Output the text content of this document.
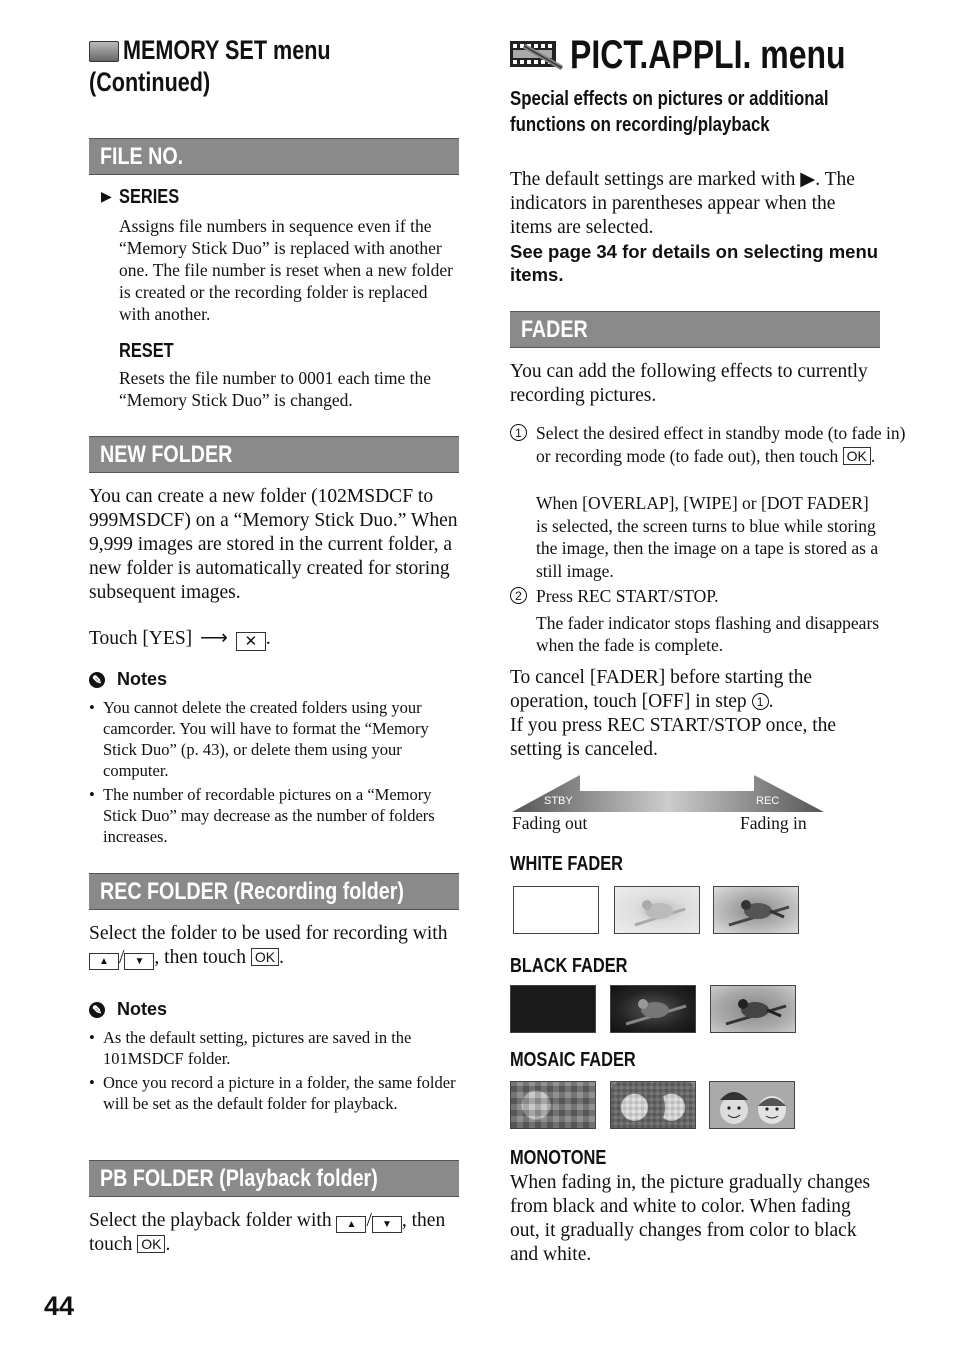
MEMORY SET menu
(Continued)
FILE NO.
▶ SERIES
Assigns file numbers in sequence even if the “Memory Stick Duo” is replaced with another one. The file number is reset when a new folder is created or the recording folder is replaced with another.
RESET
Resets the file number to 0001 each time the “Memory Stick Duo” is changed.
NEW FOLDER
You can create a new folder (102MSDCF to 999MSDCF) on a “Memory Stick Duo.” When 9,999 images are stored in the current folder, a new folder is automatically created for storing subsequent images.
Touch [YES] ⟶ ✕ .
✎ Notes
• You cannot delete the created folders using your camcorder. You will have to format the “Memory Stick Duo” (p. 43), or delete them using your computer.
• The number of recordable pictures on a “Memory Stick Duo” may decrease as the number of folders increases.
REC FOLDER (Recording folder)
Select the folder to be used for recording with ▲ / ▼ , then touch OK .
✎ Notes
• As the default setting, pictures are saved in the 101MSDCF folder.
• Once you record a picture in a folder, the same folder will be set as the default folder for playback.
PB FOLDER (Playback folder)
Select the playback folder with ▲ / ▼ , then touch OK .
44
PICT.APPLI. menu
Special effects on pictures or additional functions on recording/playback
The default settings are marked with ▶. The indicators in parentheses appear when the items are selected.
See page 34 for details on selecting menu items.
FADER
You can add the following effects to currently recording pictures.
1 Select the desired effect in standby mode (to fade in) or recording mode (to fade out), then touch OK .
When [OVERLAP], [WIPE] or [DOT FADER] is selected, the screen turns to blue while storing the image, then the image on a tape is stored as a still image.
2 Press REC START/STOP.
The fader indicator stops flashing and disappears when the fade is complete.
To cancel [FADER] before starting the operation, touch [OFF] in step 1 .
If you press REC START/STOP once, the setting is canceled.
STBY	REC
Fading out	Fading in
WHITE FADER
BLACK FADER
MOSAIC FADER
MONOTONE
When fading in, the picture gradually changes from black and white to color. When fading out, it gradually changes from color to black and white.
